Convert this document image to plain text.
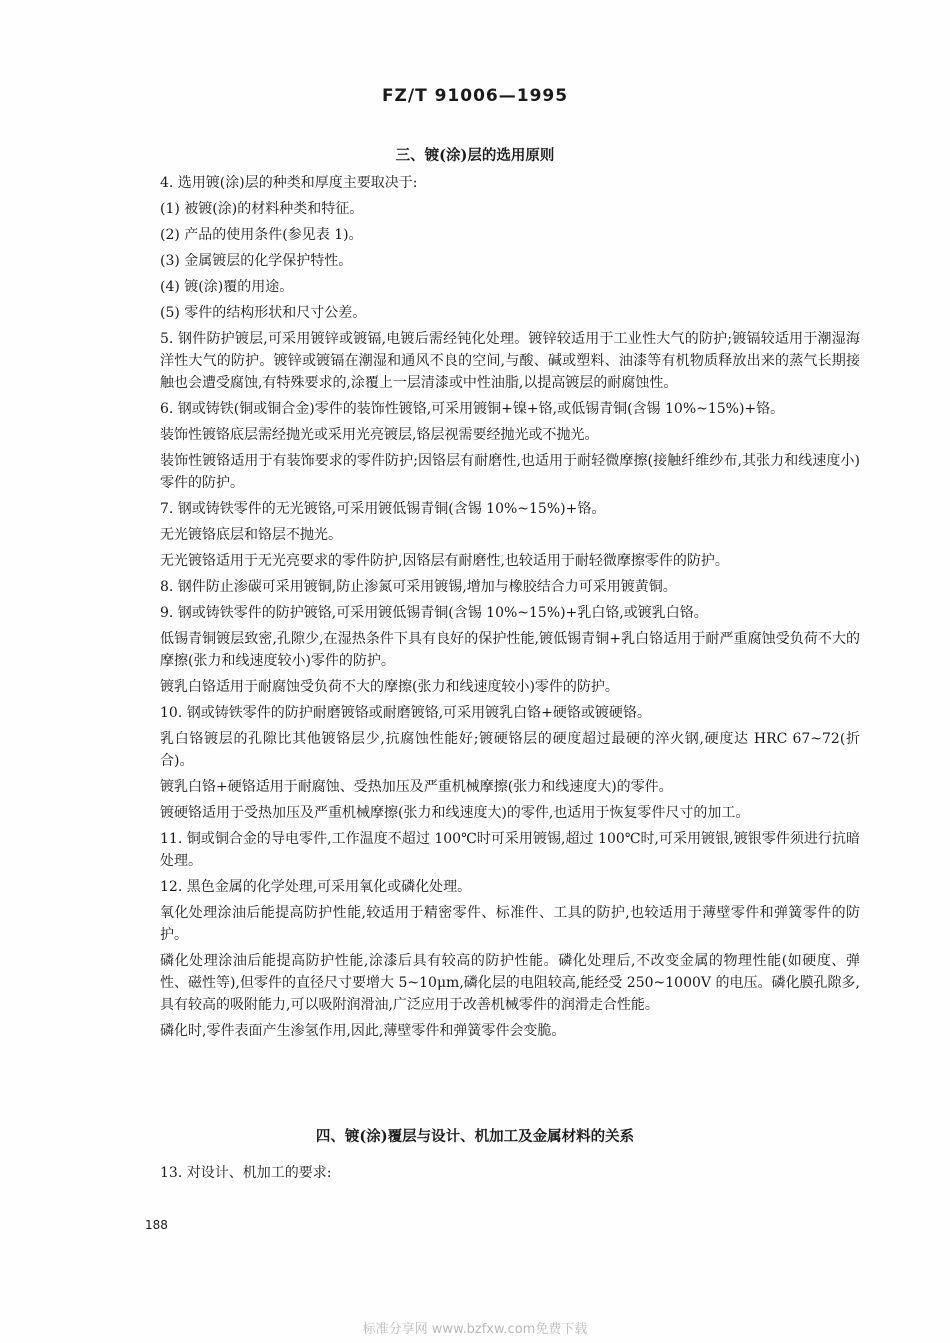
FZ/T 91006—1995
三、镀(涂)层的选用原则

4. 选用镀(涂)层的种类和厚度主要取决于:

(1) 被镀(涂)的材料种类和特征。

(2) 产品的使用条件(参见表 1)。

(3) 金属镀层的化学保护特性。

(4) 镀(涂)覆的用途。

(5) 零件的结构形状和尺寸公差。

5. 钢件防护镀层,可采用镀锌或镀镉,电镀后需经钝化处理。镀锌较适用于工业性大气的防护;镀镉较适用于潮湿海洋性大气的防护。镀锌或镀镉在潮湿和通风不良的空间,与酸、碱或塑料、油漆等有机物质释放出来的蒸气长期接触也会遭受腐蚀,有特殊要求的,涂覆上一层清漆或中性油脂,以提高镀层的耐腐蚀性。

6. 钢或铸铁(铜或铜合金)零件的装饰性镀铬,可采用镀铜+镍+铬,或低锡青铜(含锡 10%~15%)+铬。

装饰性镀铬底层需经抛光或采用光亮镀层,铬层视需要经抛光或不抛光。

装饰性镀铬适用于有装饰要求的零件防护;因铬层有耐磨性,也适用于耐轻微摩擦(接触纤维纱布,其张力和线速度小)零件的防护。

7. 钢或铸铁零件的无光镀铬,可采用镀低锡青铜(含锡 10%~15%)+铬。

无光镀铬底层和铬层不抛光。

无光镀铬适用于无光亮要求的零件防护,因铬层有耐磨性,也较适用于耐轻微摩擦零件的防护。

8. 钢件防止渗碳可采用镀铜,防止渗氮可采用镀锡,增加与橡胶结合力可采用镀黄铜。

9. 钢或铸铁零件的防护镀铬,可采用镀低锡青铜(含锡 10%~15%)+乳白铬,或镀乳白铬。

低锡青铜镀层致密,孔隙少,在湿热条件下具有良好的保护性能,镀低锡青铜+乳白铬适用于耐严重腐蚀受负荷不大的摩擦(张力和线速度较小)零件的防护。

镀乳白铬适用于耐腐蚀受负荷不大的摩擦(张力和线速度较小)零件的防护。

10. 钢或铸铁零件的防护耐磨镀铬或耐磨镀铬,可采用镀乳白铬+硬铬或镀硬铬。

乳白铬镀层的孔隙比其他镀铬层少,抗腐蚀性能好;镀硬铬层的硬度超过最硬的淬火钢,硬度达 HRC 67~72(折合)。

镀乳白铬+硬铬适用于耐腐蚀、受热加压及严重机械摩擦(张力和线速度大)的零件。

镀硬铬适用于受热加压及严重机械摩擦(张力和线速度大)的零件,也适用于恢复零件尺寸的加工。

11. 铜或铜合金的导电零件,工作温度不超过 100℃时可采用镀锡,超过 100℃时,可采用镀银,镀银零件须进行抗暗处理。

12. 黑色金属的化学处理,可采用氧化或磷化处理。

氧化处理涂油后能提高防护性能,较适用于精密零件、标准件、工具的防护,也较适用于薄壁零件和弹簧零件的防护。

磷化处理涂油后能提高防护性能,涂漆后具有较高的防护性能。磷化处理后,不改变金属的物理性能(如硬度、弹性、磁性等),但零件的直径尺寸要增大 5~10μm,磷化层的电阻较高,能经受 250~1000V 的电压。磷化膜孔隙多,具有较高的吸附能力,可以吸附润滑油,广泛应用于改善机械零件的润滑走合性能。

磷化时,零件表面产生渗氢作用,因此,薄壁零件和弹簧零件会变脆。

四、镀(涂)覆层与设计、机加工及金属材料的关系

13. 对设计、机加工的要求:

188
标准分享网 www.bzfxw.com免费下载
